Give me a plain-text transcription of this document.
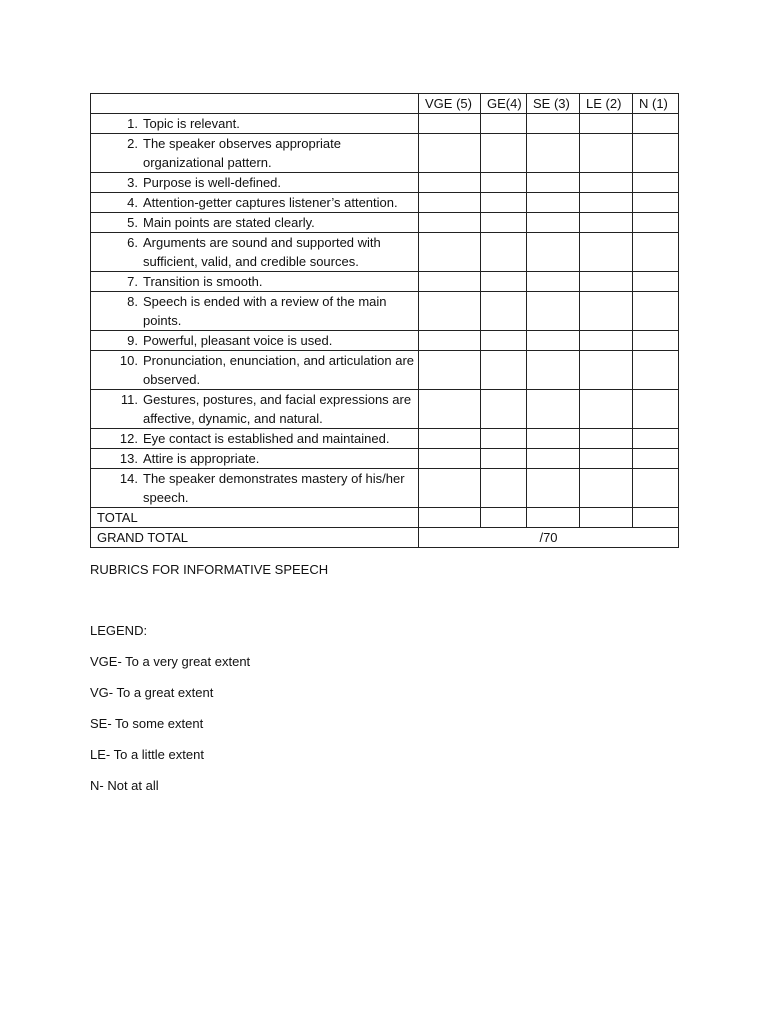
	VGE (5)	GE(4)	SE (3)	LE (2)	N (1)

1. Topic is relevant.					

2. The speaker observes appropriate organizational pattern.					

3. Purpose is well-defined.					

4. Attention-getter captures listener’s attention.					

5. Main points are stated clearly.					

6. Arguments are sound and supported with sufficient, valid, and credible sources.					

7. Transition is smooth.					

8. Speech is ended with a review of the main points.					

9. Powerful, pleasant voice is used.					

10. Pronunciation, enunciation, and articulation are observed.					

11. Gestures, postures, and facial expressions are affective, dynamic, and natural.					

12. Eye contact is established and maintained.					

13. Attire is appropriate.					

14. The speaker demonstrates mastery of his/her speech.					

TOTAL					
GRAND TOTAL	/70				
RUBRICS FOR INFORMATIVE SPEECH
LEGEND:
VGE- To a very great extent
VG- To a great extent
SE- To some extent
LE- To a little extent
N- Not at all
